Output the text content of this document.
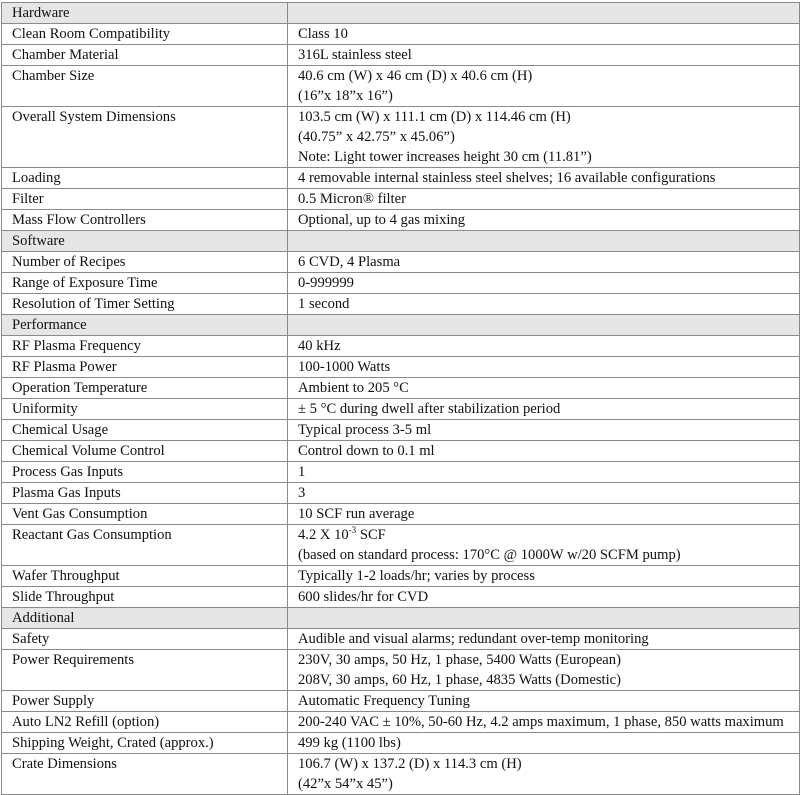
Hardware	
Clean Room Compatibility	Class 10

Chamber Material	316L stainless steel

Chamber Size	40.6 cm (W) x 46 cm (D) x 40.6 cm (H)
(16”x 18”x 16”)

Overall System Dimensions	103.5 cm (W) x 111.1 cm (D) x 114.46 cm (H)
(40.75” x 42.75” x 45.06”)
Note: Light tower increases height 30 cm (11.81”)

Loading	4 removable internal stainless steel shelves; 16 available configurations

Filter	0.5 Micron® filter

Mass Flow Controllers	Optional, up to 4 gas mixing

Software	
Number of Recipes	6 CVD, 4 Plasma

Range of Exposure Time	0-999999

Resolution of Timer Setting	1 second

Performance	
RF Plasma Frequency	40 kHz

RF Plasma Power	100-1000 Watts

Operation Temperature	Ambient to 205 °C

Uniformity	± 5 °C during dwell after stabilization period

Chemical Usage	Typical process 3-5 ml

Chemical Volume Control	Control down to 0.1 ml

Process Gas Inputs	1

Plasma Gas Inputs	3

Vent Gas Consumption	10 SCF run average

Reactant Gas Consumption	4.2 X $10^{-3}$ SCF
(based on standard process: 170°C @ 1000W w/20 SCFM pump)

Wafer Throughput	Typically 1-2 loads/hr; varies by process

Slide Throughput	600 slides/hr for CVD

Additional	
Safety	Audible and visual alarms; redundant over-temp monitoring

Power Requirements	230V, 30 amps, 50 Hz, 1 phase, 5400 Watts (European)
208V, 30 amps, 60 Hz, 1 phase, 4835 Watts (Domestic)

Power Supply	Automatic Frequency Tuning

Auto LN2 Refill (option)	200-240 VAC ± 10%, 50-60 Hz, 4.2 amps maximum, 1 phase, 850 watts maximum

Shipping Weight, Crated (approx.)	499 kg (1100 lbs)

Crate Dimensions	106.7 (W) x 137.2 (D) x 114.3 cm (H)
(42”x 54”x 45”)
